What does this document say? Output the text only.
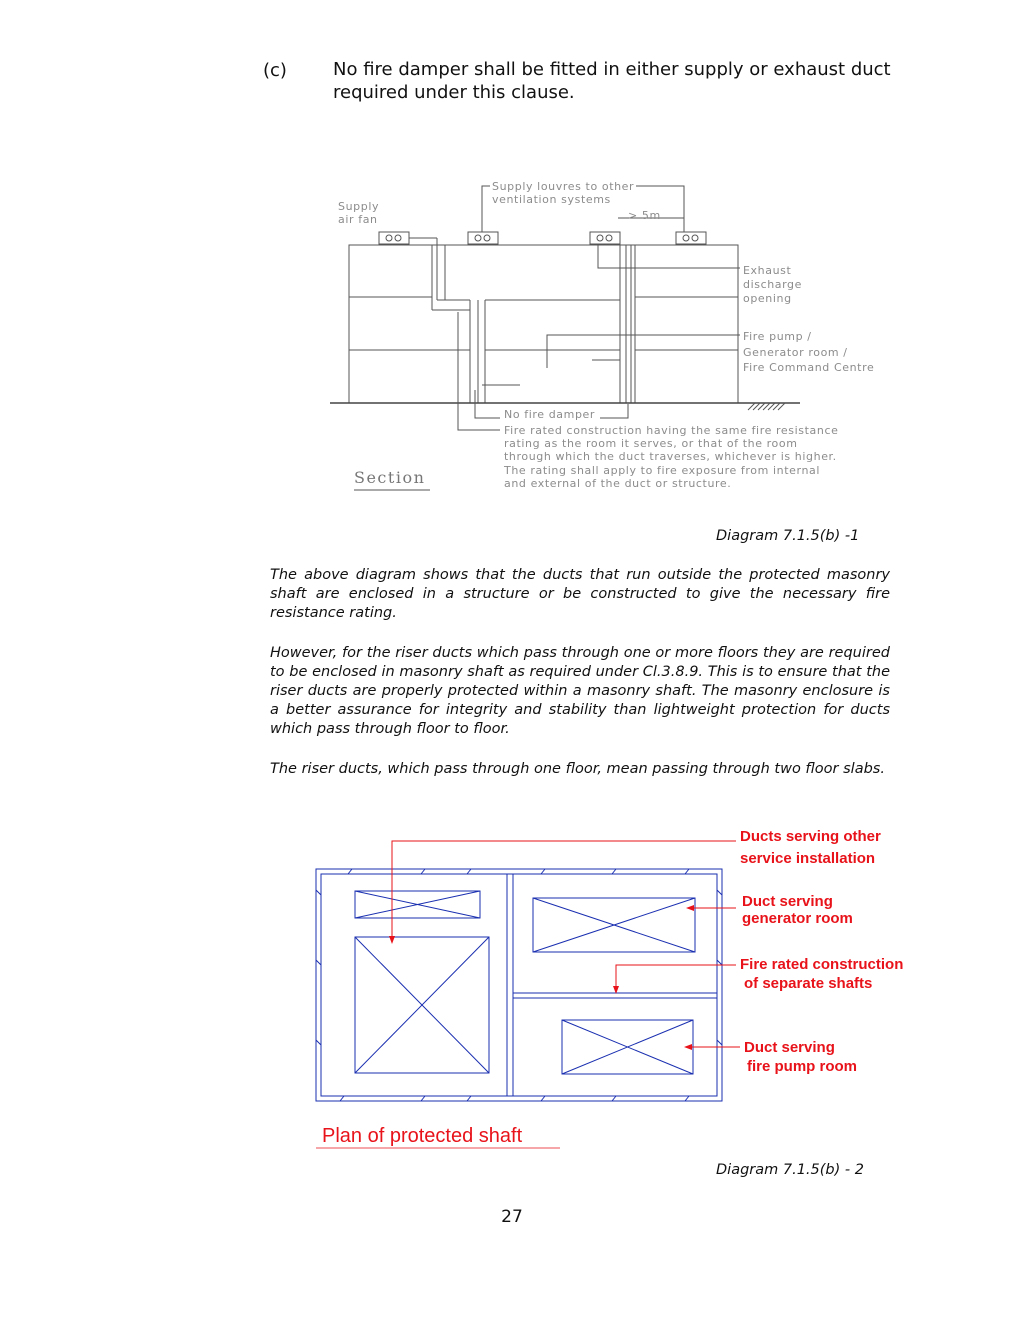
(c)	No fire damper shall be fitted in either supply or exhaust duct required under this clause.
Supply louvres to other
ventilation systems
Supply
air fan	> 5m
Exhaust
discharge
opening
Fire pump /
Generator room /
Fire Command Centre
No fire damper
Fire rated construction having the same fire resistance
rating as the room it serves, or that of the room
through which the duct traverses, whichever is higher.
The rating shall apply to fire exposure from internal
and external of the duct or structure.
Section
Diagram 7.1.5(b) -1

The above diagram shows that the ducts that run outside the protected masonry shaft are enclosed in a structure or be constructed to give the necessary fire resistance rating.

However, for the riser ducts which pass through one or more floors they are required to be enclosed in masonry shaft as required under Cl.3.8.9. This is to ensure that the riser ducts are properly protected within a masonry shaft. The masonry enclosure is a better assurance for integrity and stability than lightweight protection for ducts which pass through floor to floor.

The riser ducts, which pass through one floor, mean passing through two floor slabs.

Ducts serving other
service installation
Duct serving
generator room
Fire rated construction
of separate shafts
Duct serving
fire pump room
Plan of protected shaft
Diagram 7.1.5(b) - 2
27
